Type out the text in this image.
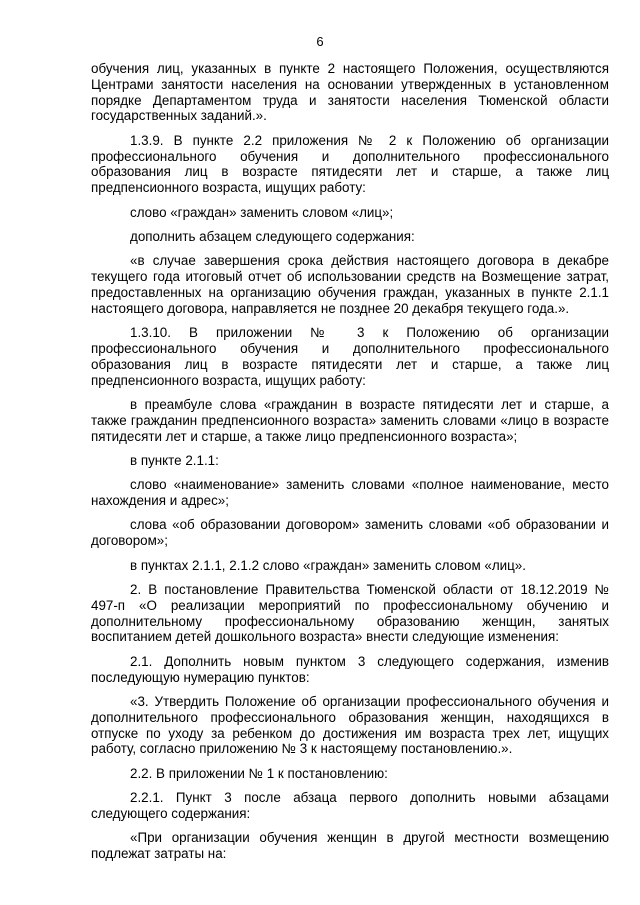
6

обучения лиц, указанных в пункте 2 настоящего Положения, осуществляются Центрами занятости населения на основании утвержденных в установленном порядке Департаментом труда и занятости населения Тюменской области государственных заданий.».

1.3.9. В пункте 2.2 приложения № 2 к Положению об организации профессионального обучения и дополнительного профессионального образования лиц в возрасте пятидесяти лет и старше, а также лиц предпенсионного возраста, ищущих работу:

слово «граждан» заменить словом «лиц»;

дополнить абзацем следующего содержания:

«в случае завершения срока действия настоящего договора в декабре текущего года итоговый отчет об использовании средств на Возмещение затрат, предоставленных на организацию обучения граждан, указанных в пункте 2.1.1 настоящего договора, направляется не позднее 20 декабря текущего года.».

1.3.10. В приложении № 3 к Положению об организации профессионального обучения и дополнительного профессионального образования лиц в возрасте пятидесяти лет и старше, а также лиц предпенсионного возраста, ищущих работу:

в преамбуле слова «гражданин в возрасте пятидесяти лет и старше, а также гражданин предпенсионного возраста» заменить словами «лицо в возрасте пятидесяти лет и старше, а также лицо предпенсионного возраста»;

в пункте 2.1.1:

слово «наименование» заменить словами «полное наименование, место нахождения и адрес»;

слова «об образовании договором» заменить словами «об образовании и договором»;

в пунктах 2.1.1, 2.1.2 слово «граждан» заменить словом «лиц».

2. В постановление Правительства Тюменской области от 18.12.2019 № 497-п «О реализации мероприятий по профессиональному обучению и дополнительному профессиональному образованию женщин, занятых воспитанием детей дошкольного возраста» внести следующие изменения:

2.1. Дополнить новым пунктом 3 следующего содержания, изменив последующую нумерацию пунктов:

«3. Утвердить Положение об организации профессионального обучения и дополнительного профессионального образования женщин, находящихся в отпуске по уходу за ребенком до достижения им возраста трех лет, ищущих работу, согласно приложению № 3 к настоящему постановлению.».

2.2. В приложении № 1 к постановлению:

2.2.1. Пункт 3 после абзаца первого дополнить новыми абзацами следующего содержания:

«При организации обучения женщин в другой местности возмещению подлежат затраты на:
